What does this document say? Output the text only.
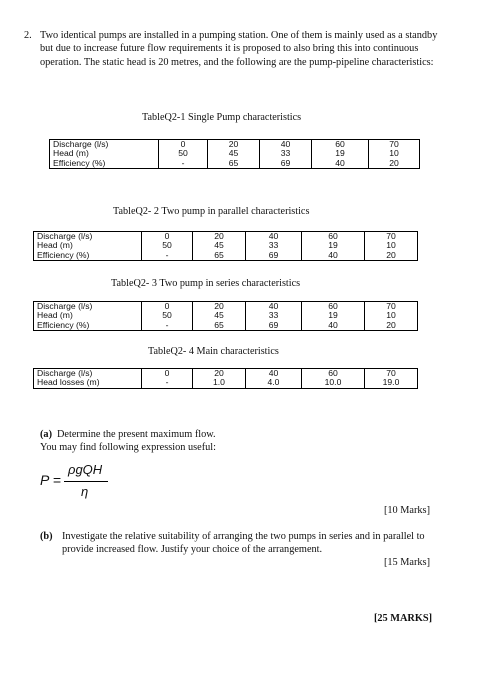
2. Two identical pumps are installed in a pumping station. One of them is mainly used as a standby but due to increase future flow requirements it is proposed to also bring this into continuous operation. The static head is 20 metres, and the following are the pump-pipeline characteristics:
TableQ2-1 Single Pump characteristics
Discharge (l/s)	0	20	40	60	70
Head (m)	50	45	33	19	10
Efficiency (%)	-	65	69	40	20
TableQ2- 2 Two pump in parallel characteristics
Discharge (l/s)	0	20	40	60	70
Head (m)	50	45	33	19	10
Efficiency (%)	-	65	69	40	20
TableQ2- 3 Two pump in series characteristics
Discharge (l/s)	0	20	40	60	70
Head (m)	50	45	33	19	10
Efficiency (%)	-	65	69	40	20
TableQ2- 4 Main characteristics
Discharge (l/s)	0	20	40	60	70
Head losses (m)	-	1.0	4.0	10.0	19.0
(a) Determine the present maximum flow.
You may find following expression useful:
P =
ρgQH
η
[10 Marks]
(b) Investigate the relative suitability of arranging the two pumps in series and in parallel to provide increased flow. Justify your choice of the arrangement.
[15 Marks]
[25 MARKS]
